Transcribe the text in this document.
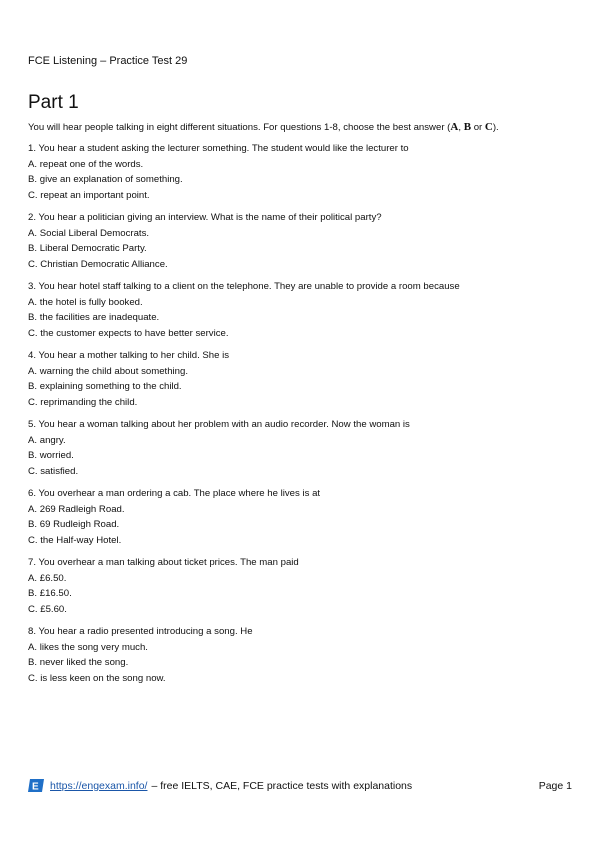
FCE Listening – Practice Test 29
Part 1
You will hear people talking in eight different situations. For questions 1-8, choose the best answer (A, B or C).
1. You hear a student asking the lecturer something. The student would like the lecturer to
A. repeat one of the words.
B. give an explanation of something.
C. repeat an important point.
2. You hear a politician giving an interview. What is the name of their political party?
A. Social Liberal Democrats.
B. Liberal Democratic Party.
C. Christian Democratic Alliance.
3. You hear hotel staff talking to a client on the telephone. They are unable to provide a room because
A. the hotel is fully booked.
B. the facilities are inadequate.
C. the customer expects to have better service.
4. You hear a mother talking to her child. She is
A. warning the child about something.
B. explaining something to the child.
C. reprimanding the child.
5. You hear a woman talking about her problem with an audio recorder. Now the woman is
A. angry.
B. worried.
C. satisfied.
6. You overhear a man ordering a cab. The place where he lives is at
A. 269 Radleigh Road.
B. 69 Rudleigh Road.
C. the Half-way Hotel.
7. You overhear a man talking about ticket prices. The man paid
A. £6.50.
B. £16.50.
C. £5.60.
8. You hear a radio presented introducing a song. He
A. likes the song very much.
B. never liked the song.
C. is less keen on the song now.
E https://engexam.info/ – free IELTS, CAE, FCE practice tests with explanations	Page 1
